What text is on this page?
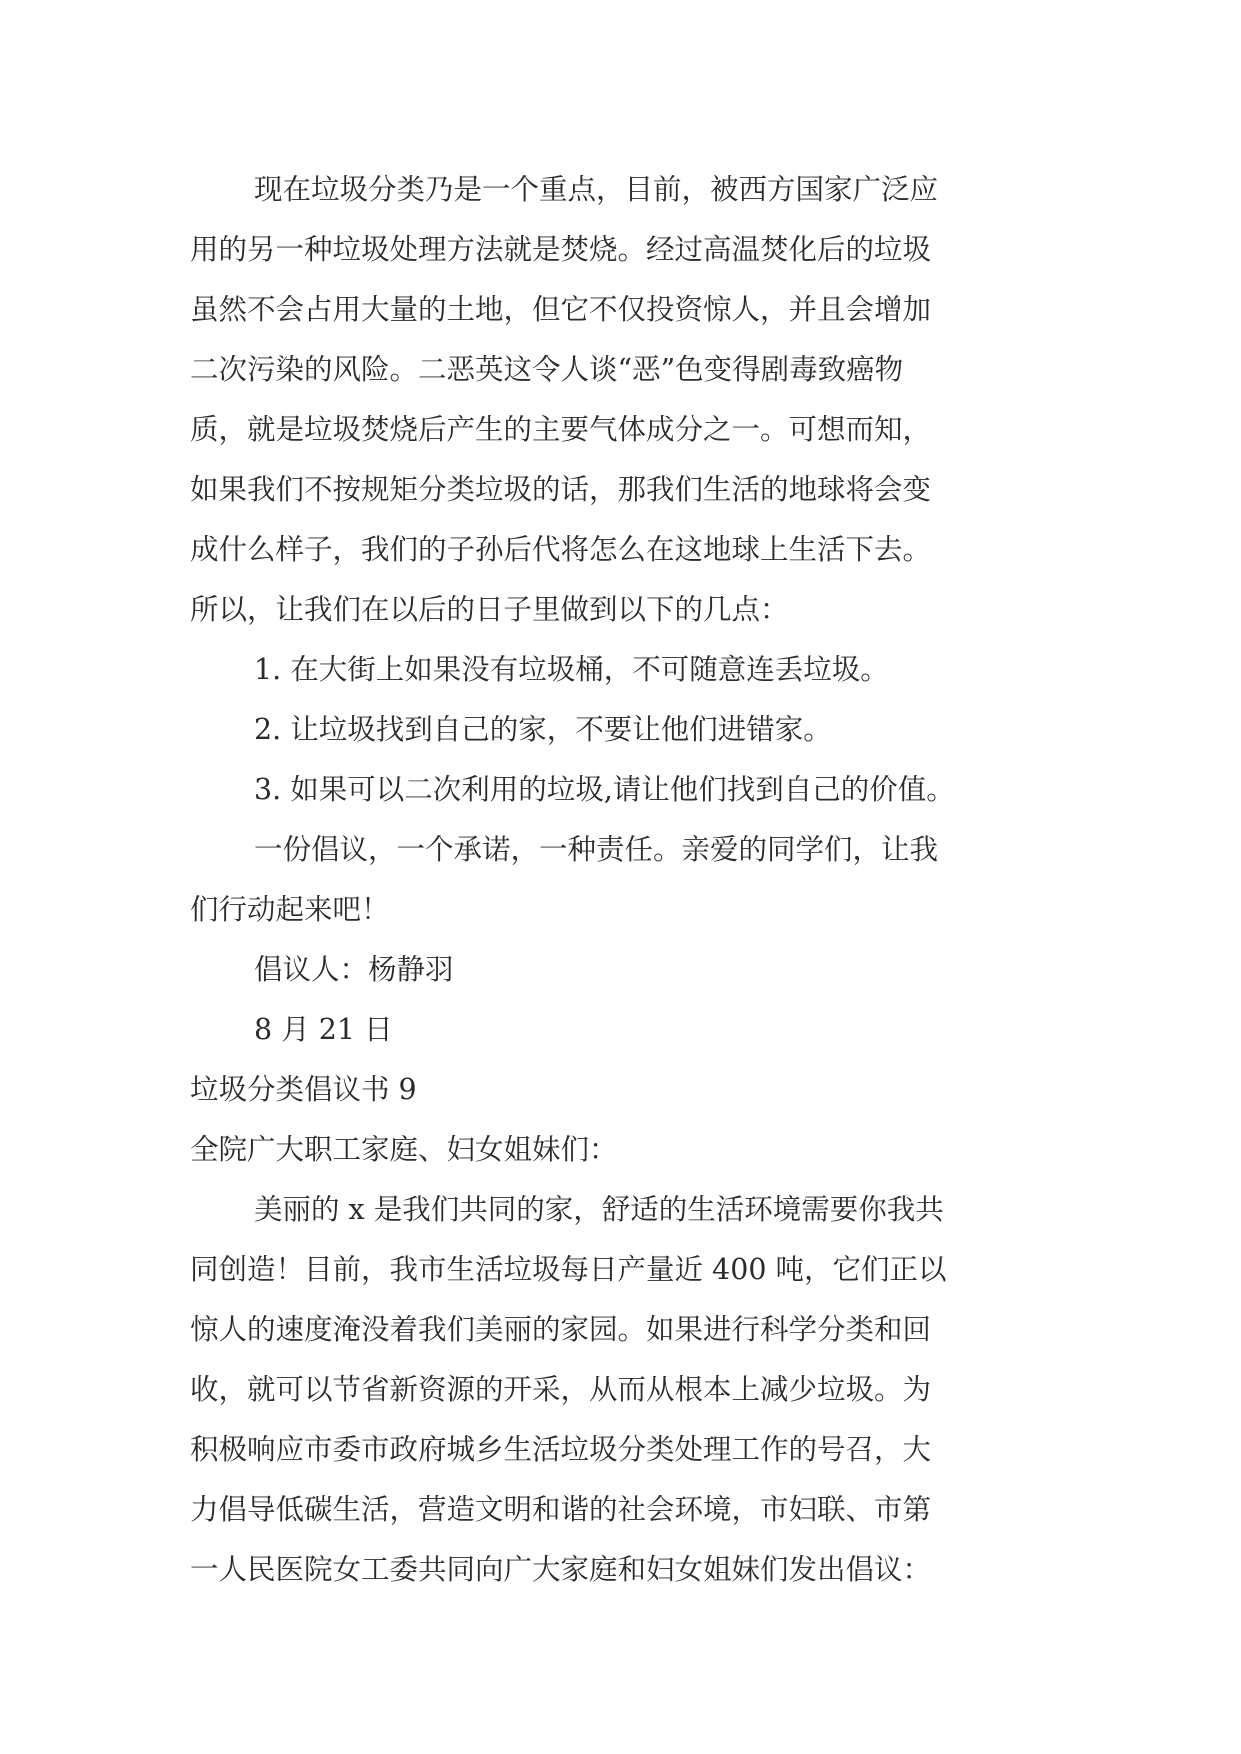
现在垃圾分类乃是一个重点，目前，被西方国家广泛应
用的另一种垃圾处理方法就是焚烧。经过高温焚化后的垃圾
虽然不会占用大量的土地，但它不仅投资惊人，并且会增加
二次污染的风险。二恶英这令人谈“恶”色变得剧毒致癌物
质，就是垃圾焚烧后产生的主要气体成分之一。可想而知，
如果我们不按规矩分类垃圾的话，那我们生活的地球将会变
成什么样子，我们的子孙后代将怎么在这地球上生活下去。
所以，让我们在以后的日子里做到以下的几点：
1. 在大街上如果没有垃圾桶，不可随意连丢垃圾。
2. 让垃圾找到自己的家，不要让他们进错家。
3. 如果可以二次利用的垃圾,请让他们找到自己的价值。
一份倡议，一个承诺，一种责任。亲爱的同学们，让我
们行动起来吧！
倡议人：杨静羽
8 月 21 日
垃圾分类倡议书 9
全院广大职工家庭、妇女姐妹们：
美丽的 x 是我们共同的家，舒适的生活环境需要你我共
同创造！目前，我市生活垃圾每日产量近 400 吨，它们正以
惊人的速度淹没着我们美丽的家园。如果进行科学分类和回
收，就可以节省新资源的开采，从而从根本上减少垃圾。为
积极响应市委市政府城乡生活垃圾分类处理工作的号召，大
力倡导低碳生活，营造文明和谐的社会环境，市妇联、市第
一人民医院女工委共同向广大家庭和妇女姐妹们发出倡议：
